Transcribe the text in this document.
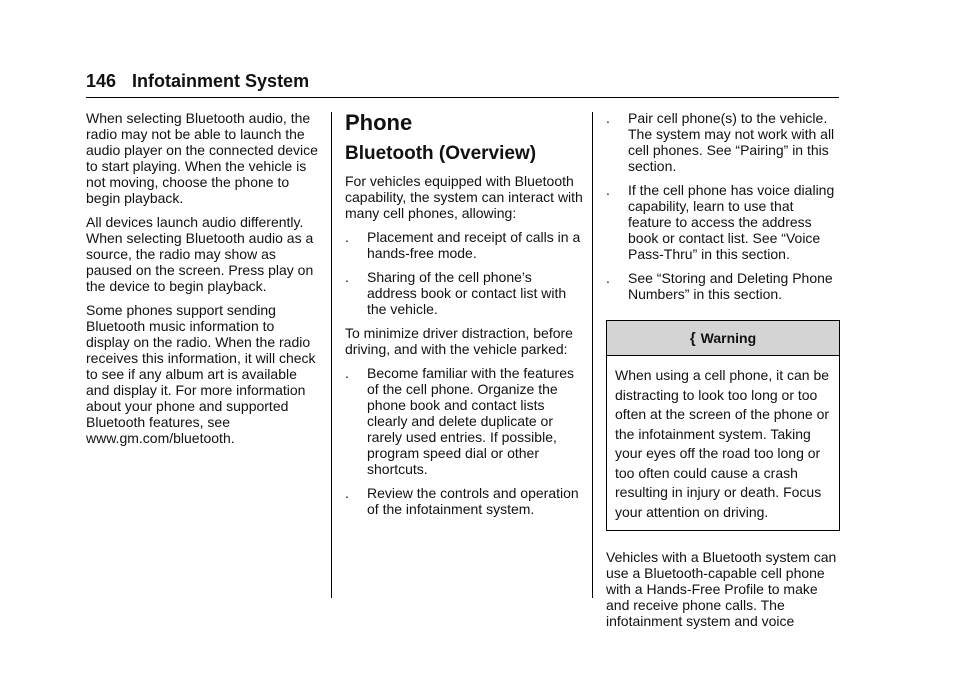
146 Infotainment System

When selecting Bluetooth audio, the radio may not be able to launch the audio player on the connected device to start playing. When the vehicle is not moving, choose the phone to begin playback.

All devices launch audio differently. When selecting Bluetooth audio as a source, the radio may show as paused on the screen. Press play on the device to begin playback.

Some phones support sending Bluetooth music information to display on the radio. When the radio receives this information, it will check to see if any album art is available and display it. For more information about your phone and supported Bluetooth features, see www.gm.com/bluetooth.

Phone
Bluetooth (Overview)

For vehicles equipped with Bluetooth capability, the system can interact with many cell phones, allowing:

.	Placement and receipt of calls in a hands-free mode.
.	Sharing of the cell phone’s address book or contact list with the vehicle.

To minimize driver distraction, before driving, and with the vehicle parked:

.	Become familiar with the features of the cell phone. Organize the phone book and contact lists clearly and delete duplicate or rarely used entries. If possible, program speed dial or other shortcuts.
.	Review the controls and operation of the infotainment system.
.	Pair cell phone(s) to the vehicle. The system may not work with all cell phones. See “Pairing” in this section.
.	If the cell phone has voice dialing capability, learn to use that feature to access the address book or contact list. See “Voice Pass-Thru” in this section.
.	See “Storing and Deleting Phone Numbers” in this section.
{ Warning
When using a cell phone, it can be distracting to look too long or too often at the screen of the phone or the infotainment system. Taking your eyes off the road too long or too often could cause a crash resulting in injury or death. Focus your attention on driving.

Vehicles with a Bluetooth system can use a Bluetooth-capable cell phone with a Hands-Free Profile to make and receive phone calls. The infotainment system and voice
